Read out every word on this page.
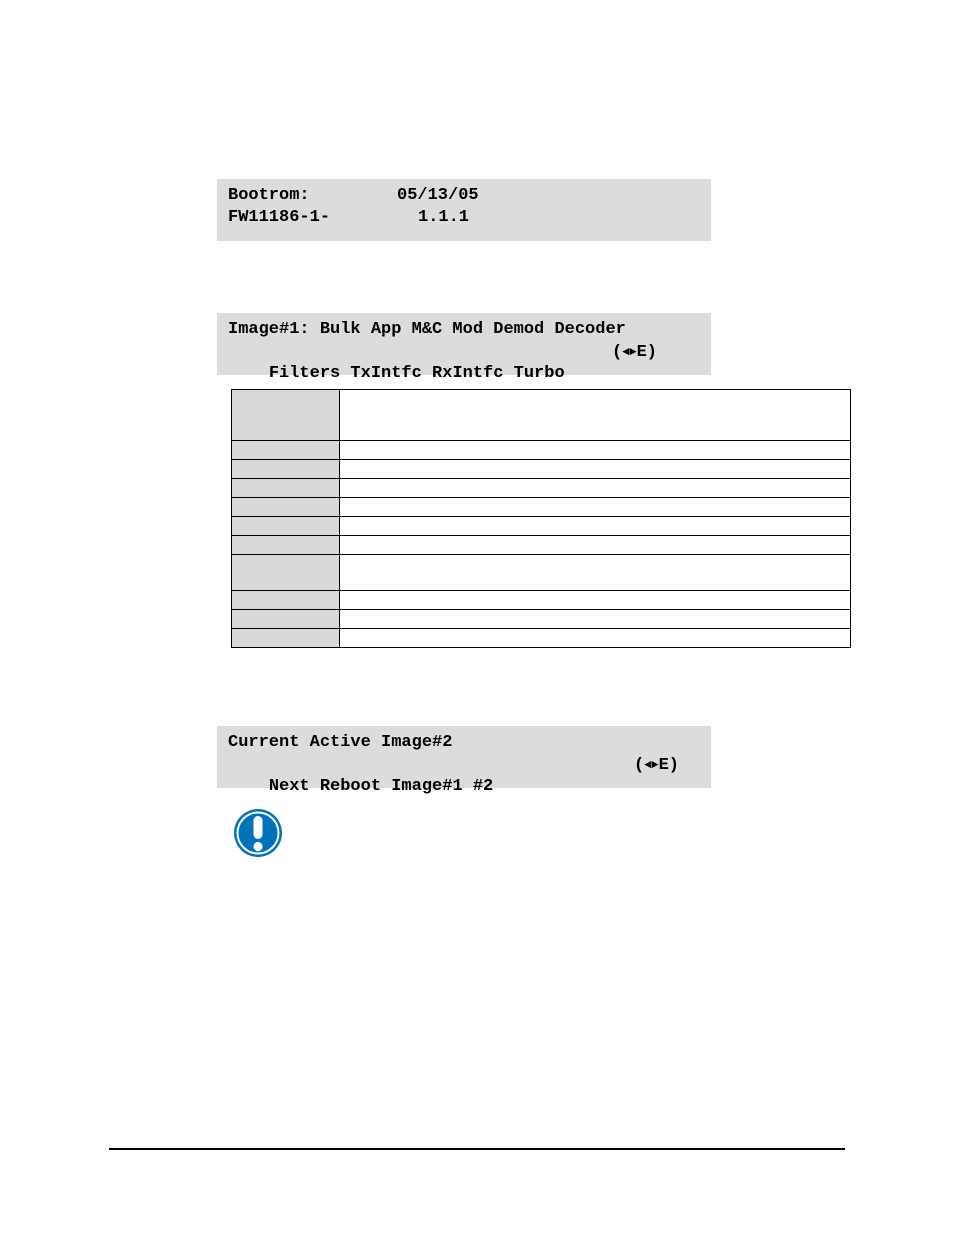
Bootrom:	05/13/05
FW11186-1-	1.1.1
Image#1: Bulk App M&C Mod Demod Decoder

Filters TxIntfc RxIntfc Turbo

(◄►E)

Current Active Image#2

Next Reboot Image#1 #2

(◄►E)
